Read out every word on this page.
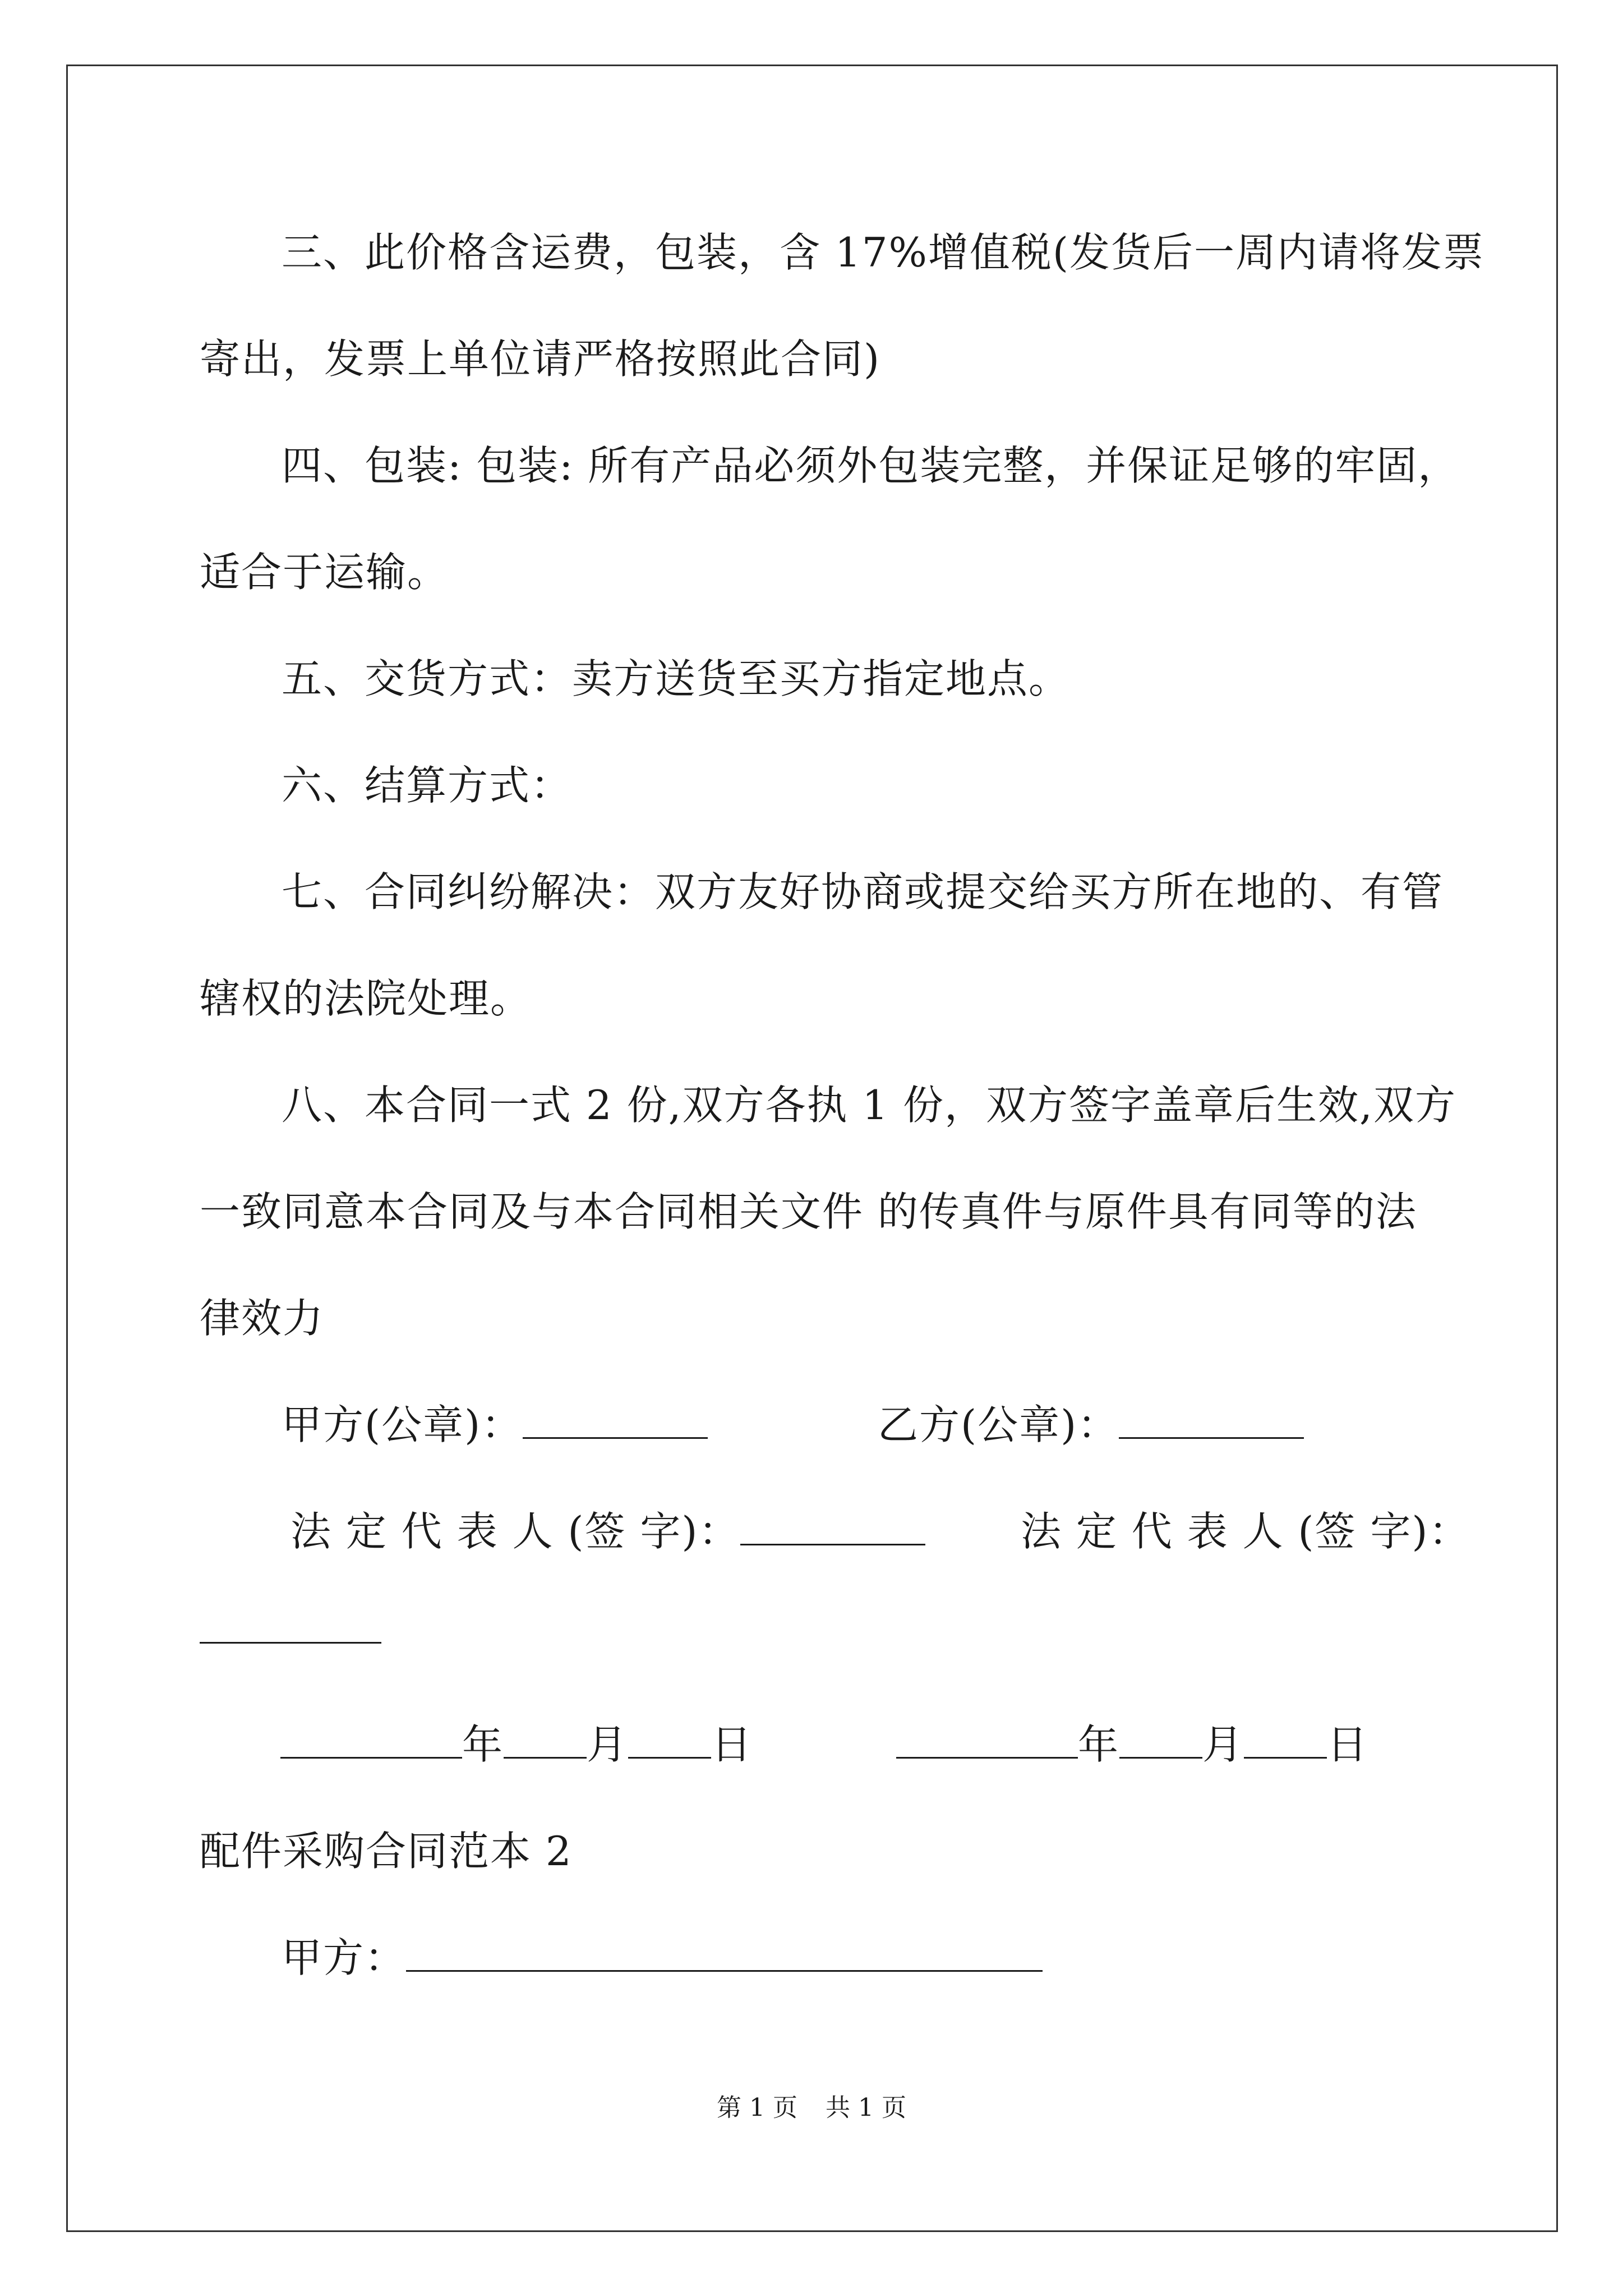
三、此价格含运费，包装，含 17%增值税(发货后一周内请将发票
寄出，发票上单位请严格按照此合同)
四、包装: 包装: 所有产品必须外包装完整，并保证足够的牢固，
适合于运输。
五、交货方式：卖方送货至买方指定地点。
六、结算方式：
七、合同纠纷解决：双方友好协商或提交给买方所在地的、有管
辖权的法院处理。
八、本合同一式 2 份,双方各执 1 份，双方签字盖章后生效,双方
一致同意本合同及与本合同相关文件 的传真件与原件具有同等的法
律效力
甲方(公章)：	乙方(公章)：
法 定 代 表 人 (签 字)：	法 定 代 表 人 (签 字)：
年 月 日	年 月 日
配件采购合同范本 2
甲方：
第 1 页 共 1 页
